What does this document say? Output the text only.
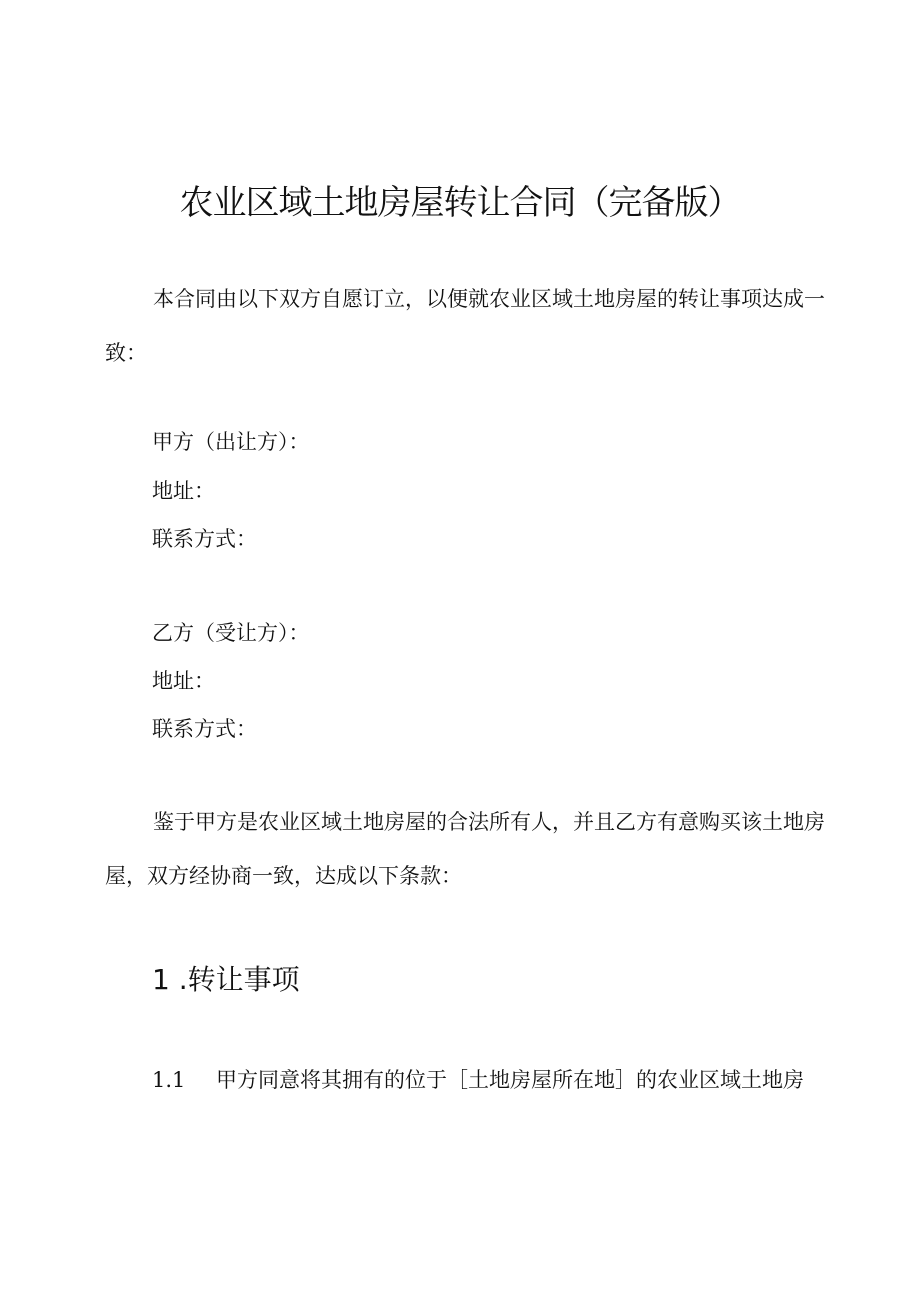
农业区域土地房屋转让合同（完备版）

本合同由以下双方自愿订立，以便就农业区域土地房屋的转让事项达成一致：

甲方（出让方）：

地址：

联系方式：

乙方（受让方）：

地址：

联系方式：

鉴于甲方是农业区域土地房屋的合法所有人，并且乙方有意购买该土地房屋，双方经协商一致，达成以下条款：

1 .转让事项

1.1 甲方同意将其拥有的位于［土地房屋所在地］的农业区域土地房
